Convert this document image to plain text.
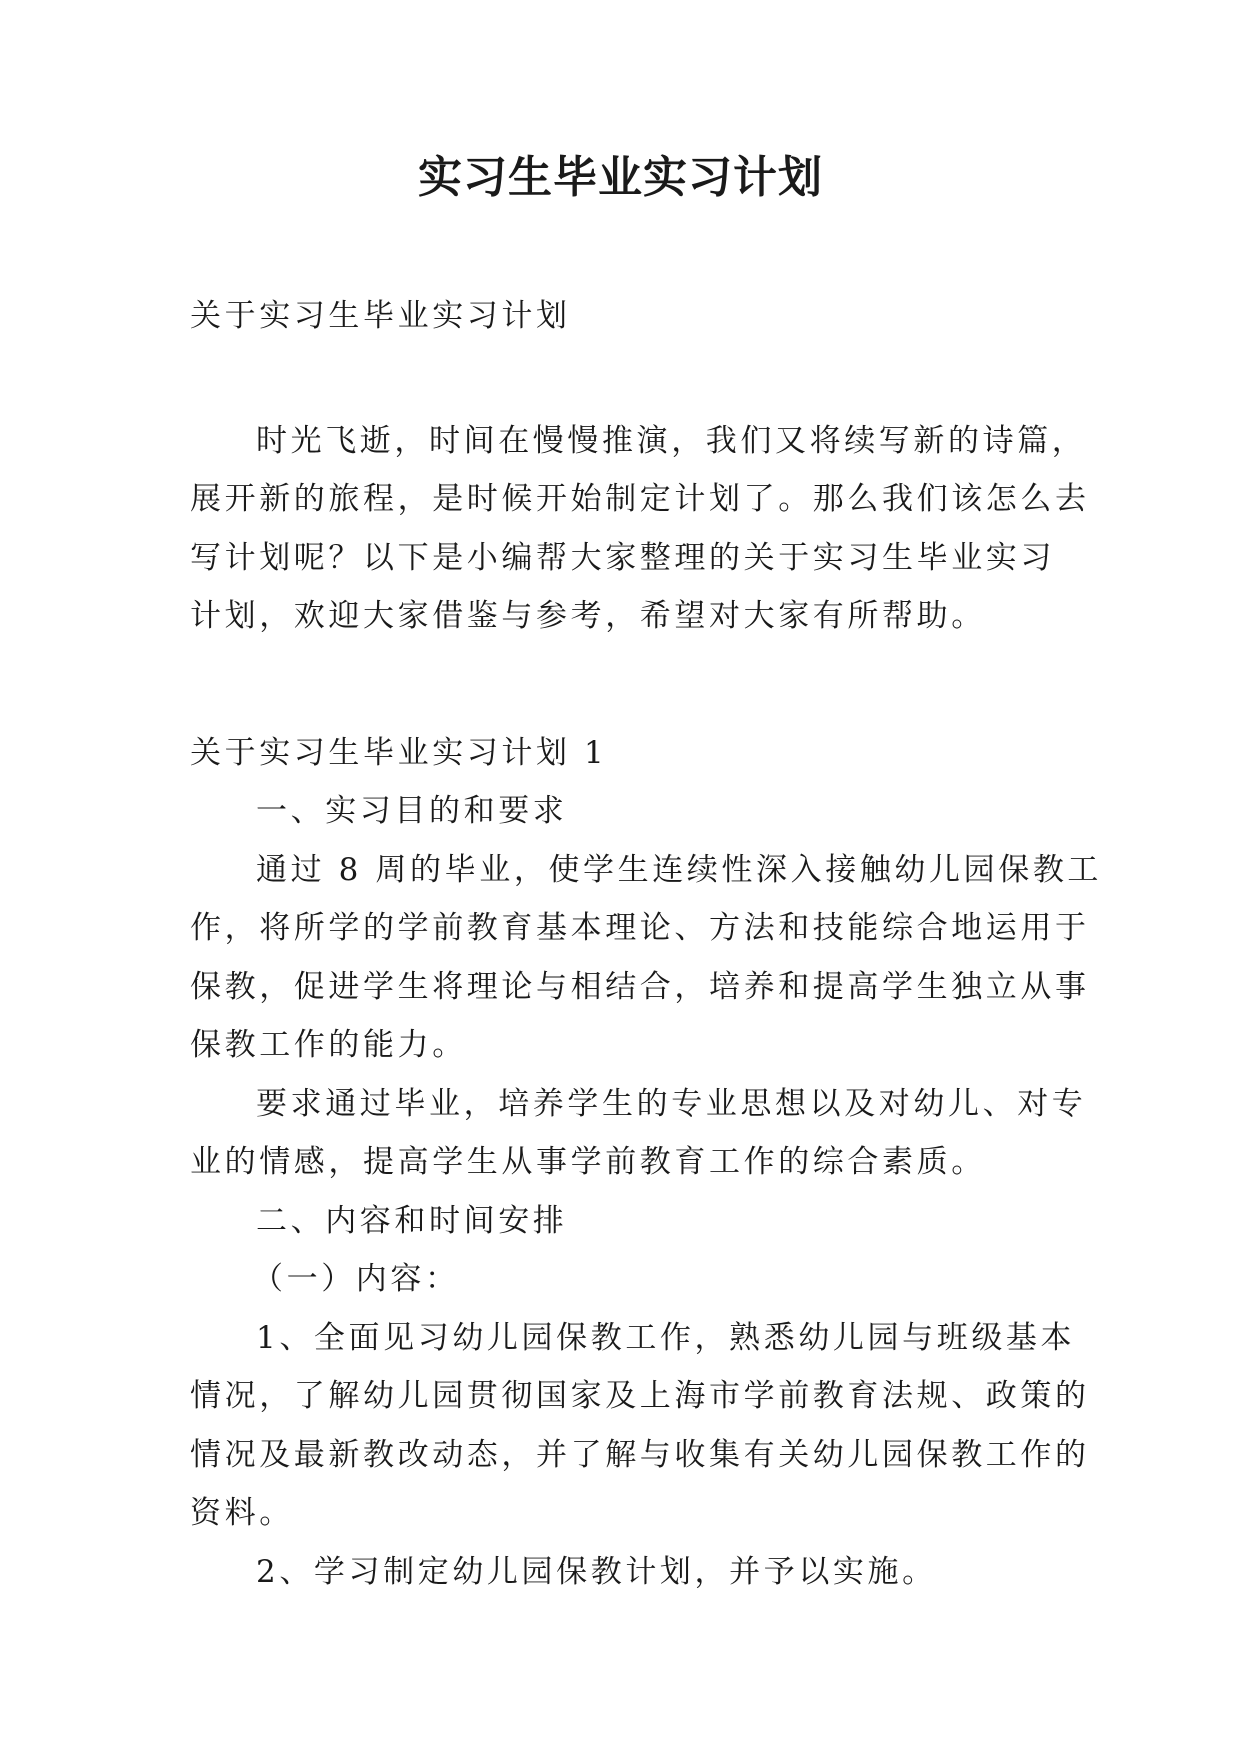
实习生毕业实习计划

关于实习生毕业实习计划

时光飞逝，时间在慢慢推演，我们又将续写新的诗篇，

展开新的旅程，是时候开始制定计划了。那么我们该怎么去

写计划呢？以下是小编帮大家整理的关于实习生毕业实习

计划，欢迎大家借鉴与参考，希望对大家有所帮助。

关于实习生毕业实习计划 1

一、实习目的和要求

通过 8 周的毕业，使学生连续性深入接触幼儿园保教工

作，将所学的学前教育基本理论、方法和技能综合地运用于

保教，促进学生将理论与相结合，培养和提高学生独立从事

保教工作的能力。

要求通过毕业，培养学生的专业思想以及对幼儿、对专

业的情感，提高学生从事学前教育工作的综合素质。

二、内容和时间安排

（一）内容：

1、全面见习幼儿园保教工作，熟悉幼儿园与班级基本

情况，了解幼儿园贯彻国家及上海市学前教育法规、政策的

情况及最新教改动态，并了解与收集有关幼儿园保教工作的

资料。

2、学习制定幼儿园保教计划，并予以实施。
